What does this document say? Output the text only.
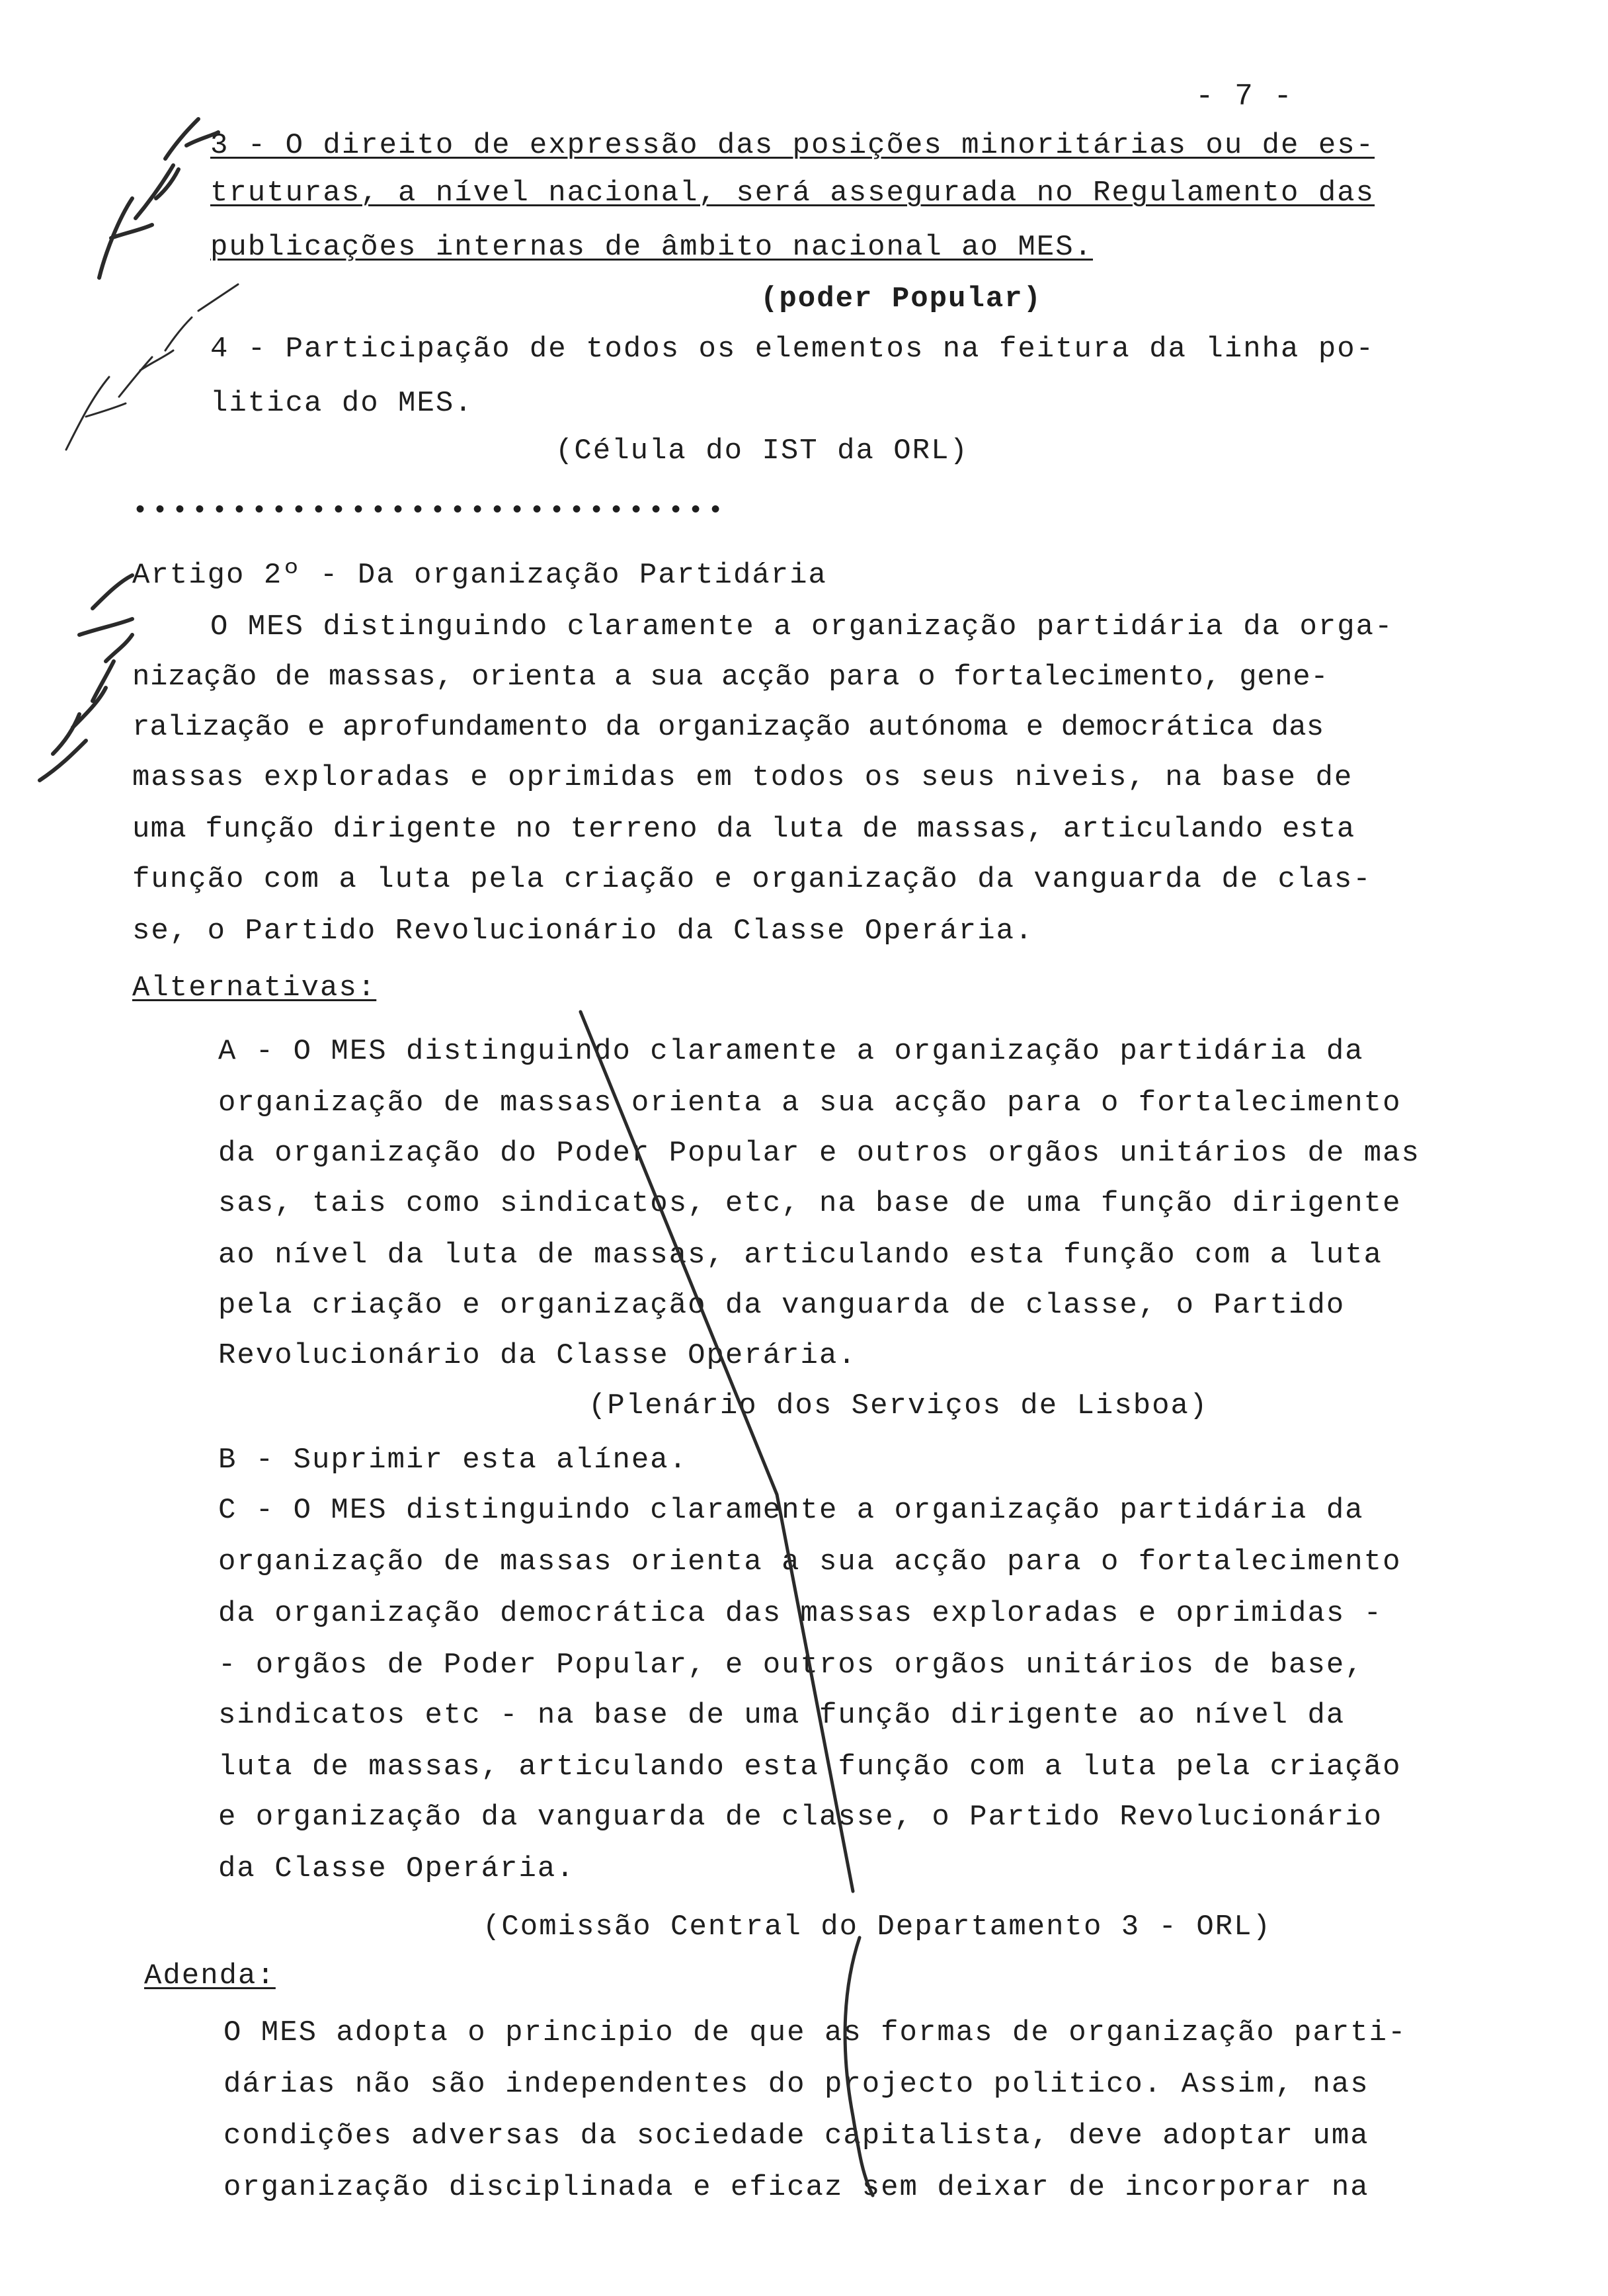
- 7 -

3 - O direito de expressão das posições minoritárias ou de es-

truturas, a nível nacional, será assegurada no Regulamento das

publicações internas de âmbito nacional ao MES.

(poder Popular)

4 - Participação de todos os elementos na feitura da linha po-

litica do MES.

(Célula do IST da ORL)

••••••••••••••••••••••••••••••

Artigo 2º - Da organização Partidária

O MES distinguindo claramente a organização partidária da orga-

nização de massas, orienta a sua acção para o fortalecimento, gene-

ralização e aprofundamento da organização autónoma e democrática das

massas exploradas e oprimidas em todos os seus niveis, na base de

uma função dirigente no terreno da luta de massas, articulando esta

função com a luta pela criação e organização da vanguarda de clas-

se, o Partido Revolucionário da Classe Operária.

Alternativas:

A - O MES distinguindo claramente a organização partidária da

organização de massas orienta a sua acção para o fortalecimento

da organização do Poder Popular e outros orgãos unitários de mas

sas, tais como sindicatos, etc, na base de uma função dirigente

ao nível da luta de massas, articulando esta função com a luta

pela criação e organização da vanguarda de classe, o Partido

Revolucionário da Classe Operária.

(Plenário dos Serviços de Lisboa)

B - Suprimir esta alínea.

C - O MES distinguindo claramente a organização partidária da

organização de massas orienta a sua acção para o fortalecimento

da organização democrática das massas exploradas e oprimidas -

- orgãos de Poder Popular, e outros orgãos unitários de base,

sindicatos etc - na base de uma função dirigente ao nível da

luta de massas, articulando esta função com a luta pela criação

e organização da vanguarda de classe, o Partido Revolucionário

da Classe Operária.

(Comissão Central do Departamento 3 - ORL)

Adenda:

O MES adopta o principio de que as formas de organização parti-

dárias não são independentes do projecto politico. Assim, nas

condições adversas da sociedade capitalista, deve adoptar uma

organização disciplinada e eficaz sem deixar de incorporar na
